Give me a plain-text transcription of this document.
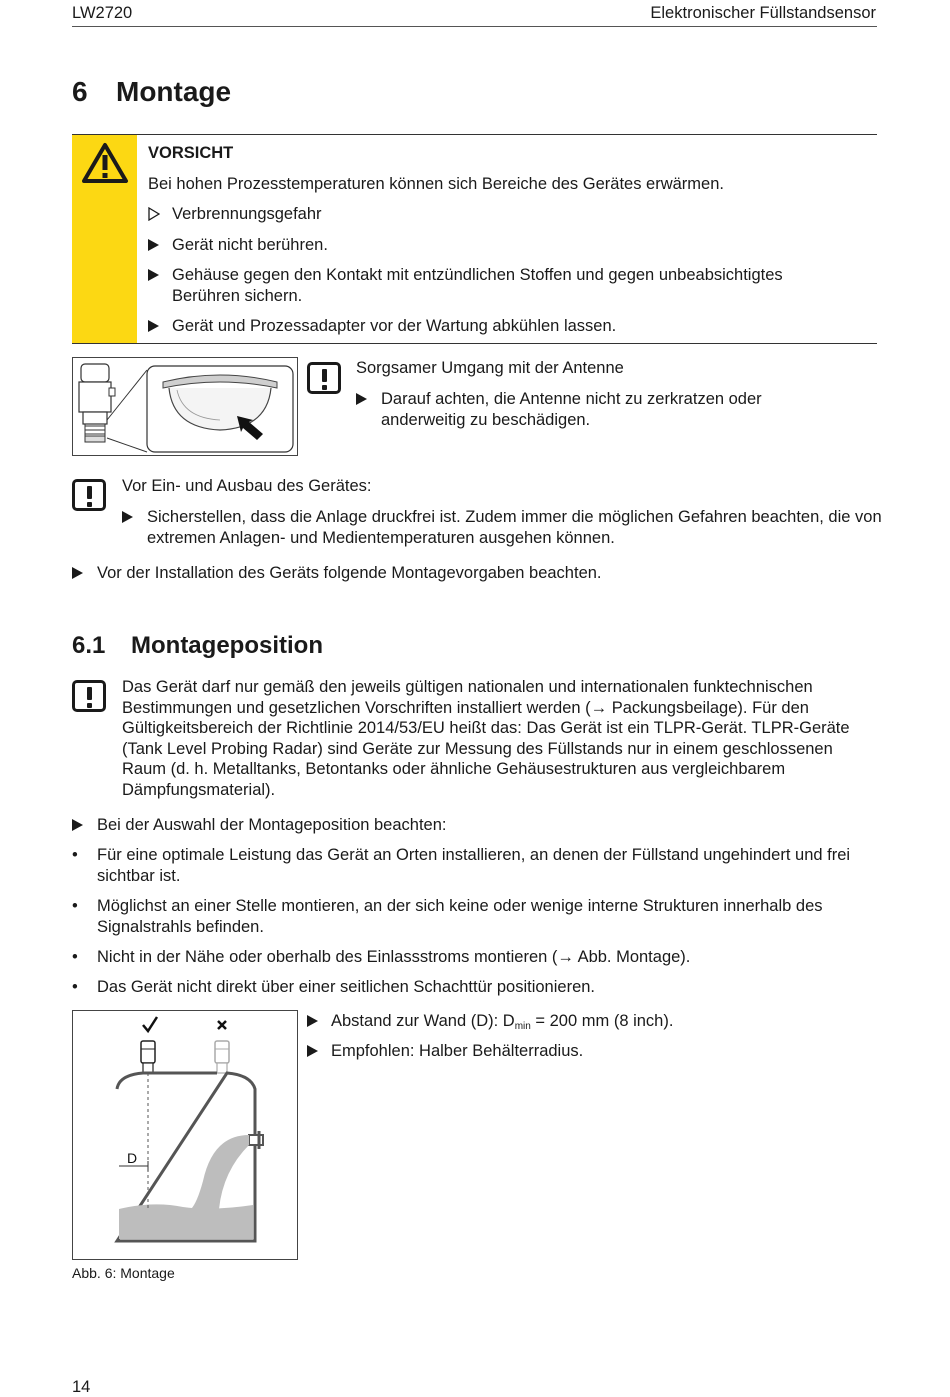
LW2720	Elektronischer Füllstandsensor
6 Montage
VORSICHT
Bei hohen Prozesstemperaturen können sich Bereiche des Gerätes erwärmen.
Verbrennungsgefahr
Gerät nicht berühren.
Gehäuse gegen den Kontakt mit entzündlichen Stoffen und gegen unbeabsichtigtes Berühren sichern.
Gerät und Prozessadapter vor der Wartung abkühlen lassen.
Sorgsamer Umgang mit der Antenne
Darauf achten, die Antenne nicht zu zerkratzen oder anderweitig zu beschädigen.
Vor Ein- und Ausbau des Gerätes:
Sicherstellen, dass die Anlage druckfrei ist. Zudem immer die möglichen Gefahren beachten, die von extremen Anlagen- und Medientemperaturen ausgehen können.
Vor der Installation des Geräts folgende Montagevorgaben beachten.
6.1 Montageposition
Das Gerät darf nur gemäß den jeweils gültigen nationalen und internationalen funktechnischen Bestimmungen und gesetzlichen Vorschriften installiert werden (→ Packungsbeilage). Für den Gültigkeitsbereich der Richtlinie 2014/53/EU heißt das: Das Gerät ist ein TLPR-Gerät. TLPR-Geräte (Tank Level Probing Radar) sind Geräte zur Messung des Füllstands nur in einem geschlossenen Raum (d. h. Metalltanks, Betontanks oder ähnliche Gehäusestrukturen aus vergleichbarem Dämpfungsmaterial).
Bei der Auswahl der Montageposition beachten:
• Für eine optimale Leistung das Gerät an Orten installieren, an denen der Füllstand ungehindert und frei sichtbar ist.
• Möglichst an einer Stelle montieren, an der sich keine oder wenige interne Strukturen innerhalb des Signalstrahls befinden.
• Nicht in der Nähe oder oberhalb des Einlassstroms montieren (→ Abb. Montage).
• Das Gerät nicht direkt über einer seitlichen Schachttür positionieren.
D
Abstand zur Wand (D): $D_{min} = 200$ mm (8 inch).
Empfohlen: Halber Behälterradius.
Abb. 6: Montage
14
